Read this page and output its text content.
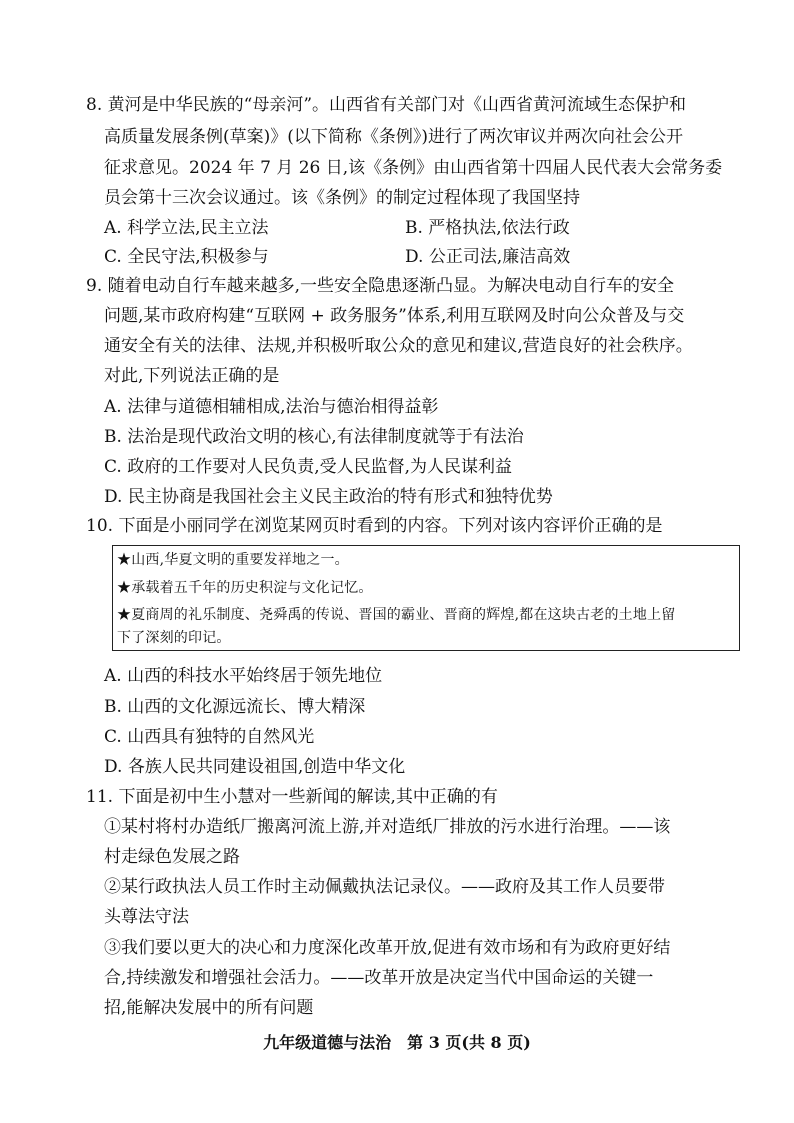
8. 黄河是中华民族的“母亲河”。山西省有关部门对《山西省黄河流域生态保护和
高质量发展条例(草案)》(以下简称《条例》)进行了两次审议并两次向社会公开
征求意见。2024 年 7 月 26 日,该《条例》由山西省第十四届人民代表大会常务委
员会第十三次会议通过。该《条例》的制定过程体现了我国坚持
A. 科学立法,民主立法	B. 严格执法,依法行政
C. 全民守法,积极参与	D. 公正司法,廉洁高效
9. 随着电动自行车越来越多,一些安全隐患逐渐凸显。为解决电动自行车的安全
问题,某市政府构建“互联网 + 政务服务”体系,利用互联网及时向公众普及与交
通安全有关的法律、法规,并积极听取公众的意见和建议,营造良好的社会秩序。
对此,下列说法正确的是
A. 法律与道德相辅相成,法治与德治相得益彰
B. 法治是现代政治文明的核心,有法律制度就等于有法治
C. 政府的工作要对人民负责,受人民监督,为人民谋利益
D. 民主协商是我国社会主义民主政治的特有形式和独特优势
10. 下面是小丽同学在浏览某网页时看到的内容。下列对该内容评价正确的是
★山西,华夏文明的重要发祥地之一。
★承载着五千年的历史积淀与文化记忆。
★夏商周的礼乐制度、尧舜禹的传说、晋国的霸业、晋商的辉煌,都在这块古老的土地上留
下了深刻的印记。
A. 山西的科技水平始终居于领先地位
B. 山西的文化源远流长、博大精深
C. 山西具有独特的自然风光
D. 各族人民共同建设祖国,创造中华文化
11. 下面是初中生小慧对一些新闻的解读,其中正确的有
①某村将村办造纸厂搬离河流上游,并对造纸厂排放的污水进行治理。——该
村走绿色发展之路
②某行政执法人员工作时主动佩戴执法记录仪。——政府及其工作人员要带
头尊法守法
③我们要以更大的决心和力度深化改革开放,促进有效市场和有为政府更好结
合,持续激发和增强社会活力。——改革开放是决定当代中国命运的关键一
招,能解决发展中的所有问题
九年级道德与法治　第 3 页(共 8 页)
